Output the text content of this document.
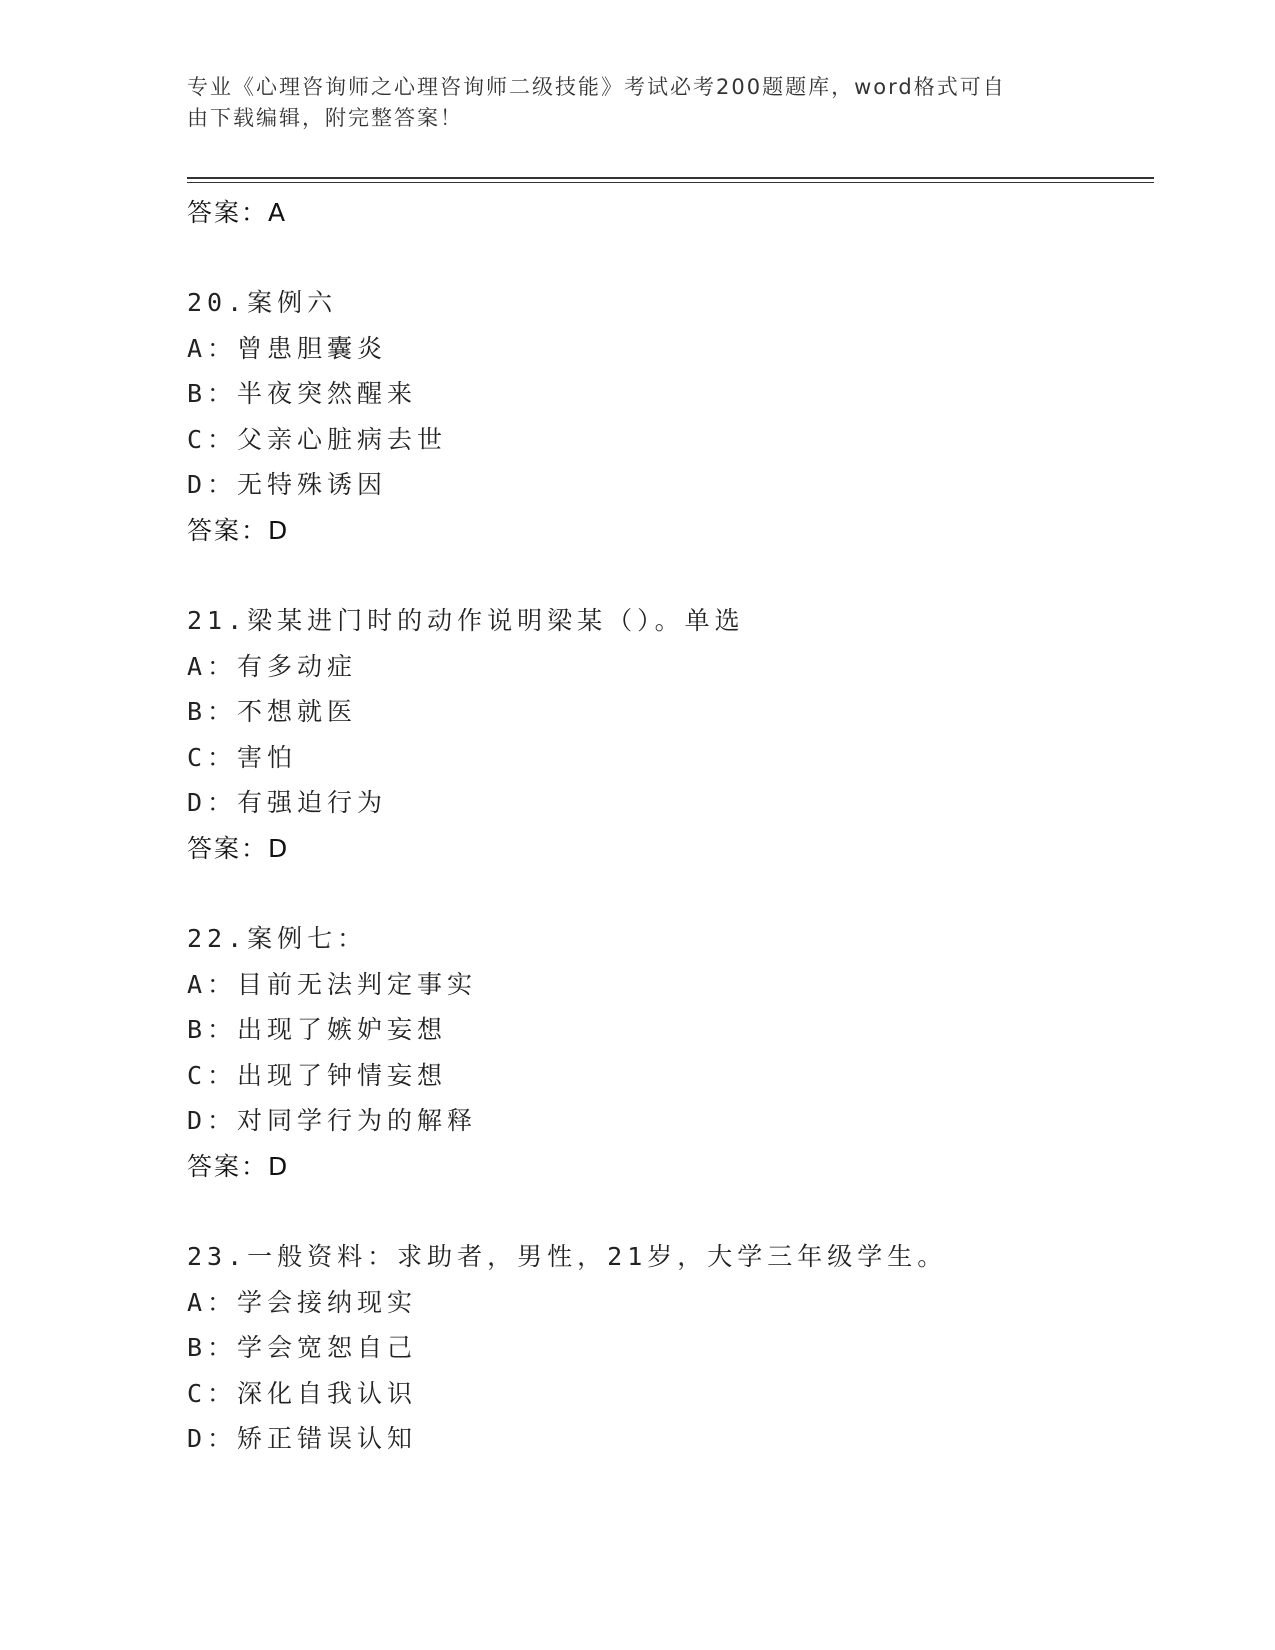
专业《心理咨询师之心理咨询师二级技能》考试必考200题题库，word格式可自
由下载编辑，附完整答案！
答案：A
20.案例六
A：曾患胆囊炎
B：半夜突然醒来
C：父亲心脏病去世
D：无特殊诱因
答案：D
21.梁某进门时的动作说明梁某（）。单选
A：有多动症
B：不想就医
C：害怕
D：有强迫行为
答案：D
22.案例七：
A：目前无法判定事实
B：出现了嫉妒妄想
C：出现了钟情妄想
D：对同学行为的解释
答案：D
23.一般资料：求助者，男性，21岁，大学三年级学生。
A：学会接纳现实
B：学会宽恕自己
C：深化自我认识
D：矫正错误认知
